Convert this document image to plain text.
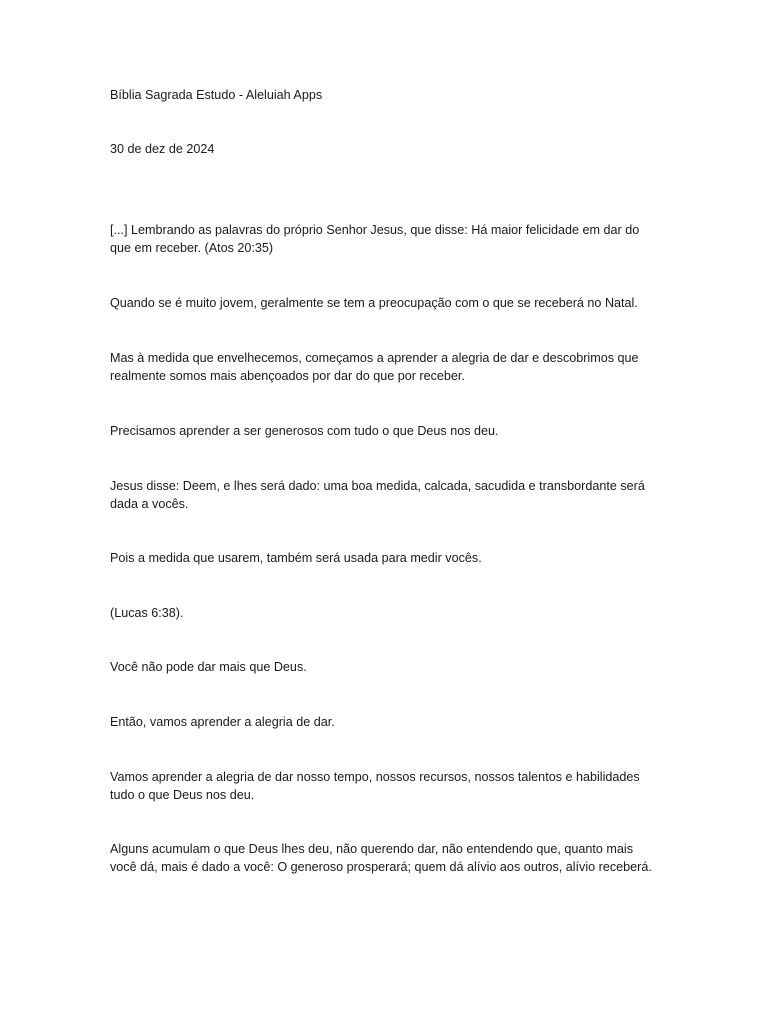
Bíblia Sagrada Estudo - Aleluiah Apps

30 de dez de 2024

[...] Lembrando as palavras do próprio Senhor Jesus, que disse: Há maior felicidade em dar do que em receber. (Atos 20:35)

Quando se é muito jovem, geralmente se tem a preocupação com o que se receberá no Natal.

Mas à medida que envelhecemos, começamos a aprender a alegria de dar e descobrimos que realmente somos mais abençoados por dar do que por receber.

Precisamos aprender a ser generosos com tudo o que Deus nos deu.

Jesus disse: Deem, e lhes será dado: uma boa medida, calcada, sacudida e transbordante será dada a vocês.

Pois a medida que usarem, também será usada para medir vocês.

(Lucas 6:38).

Você não pode dar mais que Deus.

Então, vamos aprender a alegria de dar.

Vamos aprender a alegria de dar nosso tempo, nossos recursos, nossos talentos e habilidades tudo o que Deus nos deu.

Alguns acumulam o que Deus lhes deu, não querendo dar, não entendendo que, quanto mais você dá, mais é dado a você: O generoso prosperará; quem dá alívio aos outros, alívio receberá.
